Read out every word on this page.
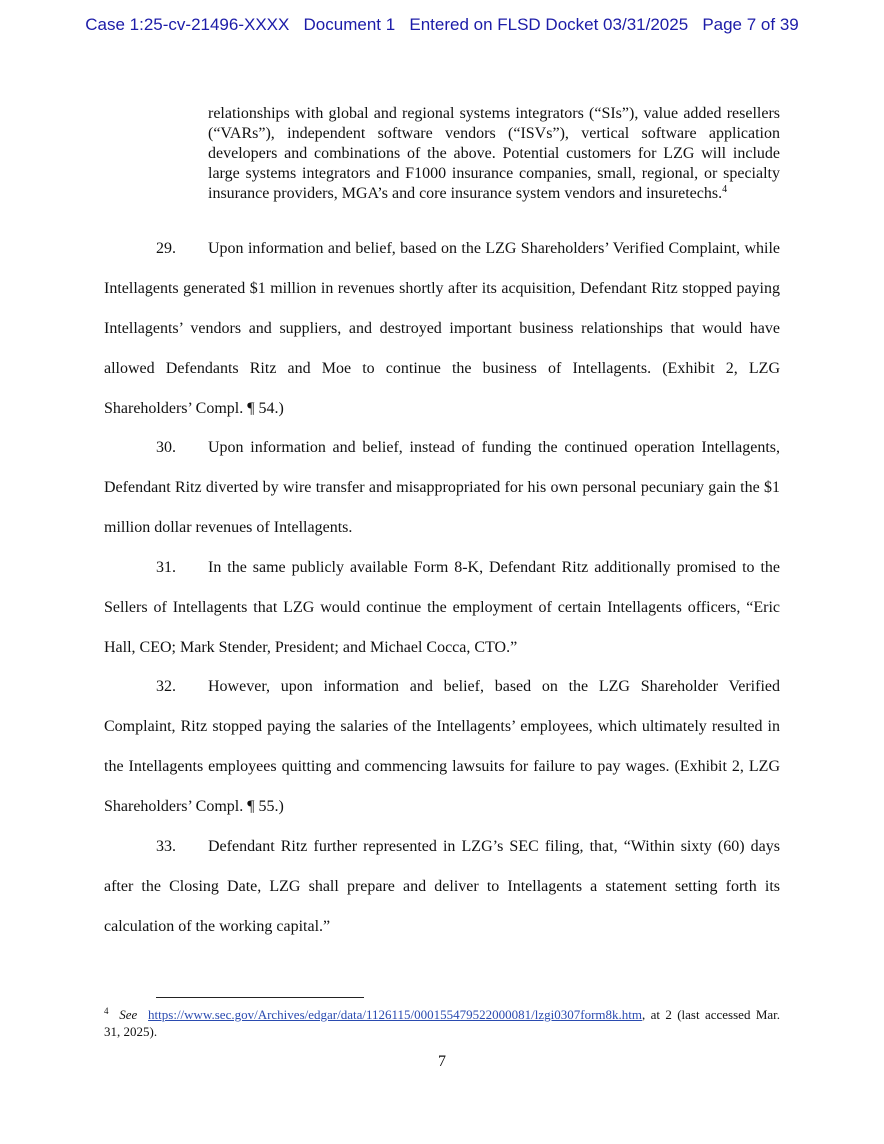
Case 1:25-cv-21496-XXXX   Document 1   Entered on FLSD Docket 03/31/2025   Page 7 of 39
relationships with global and regional systems integrators (“SIs”), value added resellers (“VARs”), independent software vendors (“ISVs”), vertical software application developers and combinations of the above. Potential customers for LZG will include large systems integrators and F1000 insurance companies, small, regional, or specialty insurance providers, MGA’s and core insurance system vendors and insuretechs.$^4$
29. Upon information and belief, based on the LZG Shareholders’ Verified Complaint, while Intellagents generated $1 million in revenues shortly after its acquisition, Defendant Ritz stopped paying Intellagents’ vendors and suppliers, and destroyed important business relationships that would have allowed Defendants Ritz and Moe to continue the business of Intellagents. (Exhibit 2, LZG Shareholders’ Compl. ¶ 54.)
30. Upon information and belief, instead of funding the continued operation Intellagents, Defendant Ritz diverted by wire transfer and misappropriated for his own personal pecuniary gain the $1 million dollar revenues of Intellagents.
31. In the same publicly available Form 8-K, Defendant Ritz additionally promised to the Sellers of Intellagents that LZG would continue the employment of certain Intellagents officers, “Eric Hall, CEO; Mark Stender, President; and Michael Cocca, CTO.”
32. However, upon information and belief, based on the LZG Shareholder Verified Complaint, Ritz stopped paying the salaries of the Intellagents’ employees, which ultimately resulted in the Intellagents employees quitting and commencing lawsuits for failure to pay wages. (Exhibit 2, LZG Shareholders’ Compl. ¶ 55.)
33. Defendant Ritz further represented in LZG’s SEC filing, that, “Within sixty (60) days after the Closing Date, LZG shall prepare and deliver to Intellagents a statement setting forth its calculation of the working capital.”
$^4$ See https://www.sec.gov/Archives/edgar/data/1126115/000155479522000081/lzgi0307form8k.htm, at 2 (last accessed Mar. 31, 2025).
7
